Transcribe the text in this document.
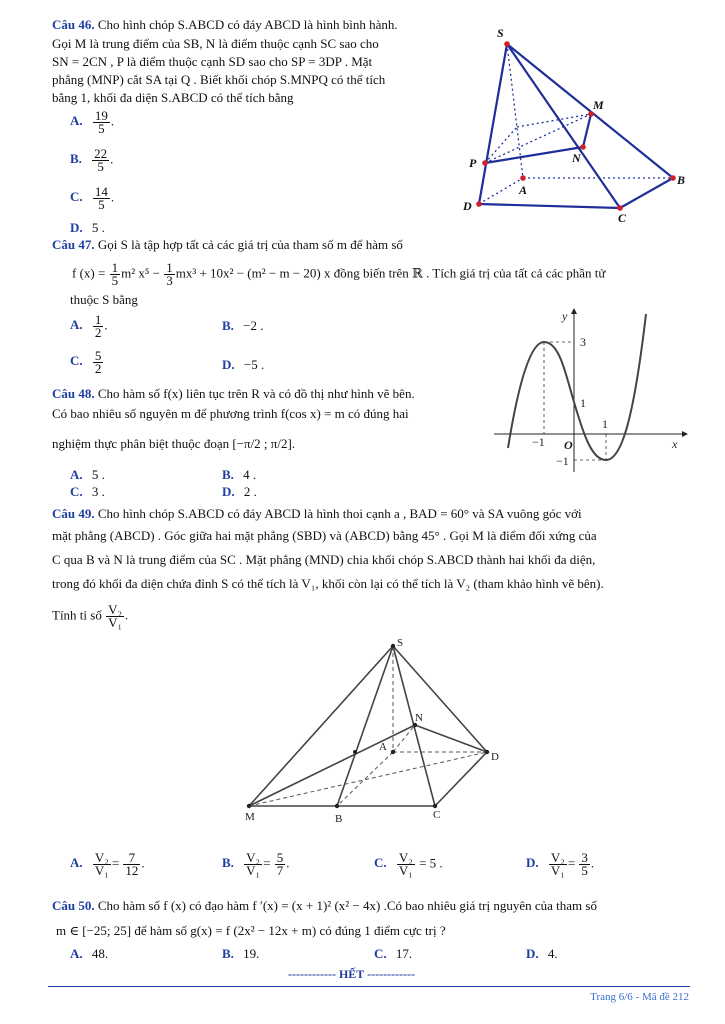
Câu 46. Cho hình chóp S.ABCD có đáy ABCD là hình bình hành.
Gọi M là trung điểm của SB, N là điểm thuộc cạnh SC sao cho
SN = 2CN , P là điểm thuộc cạnh SD sao cho SP = 3DP . Mặt
phẳng (MNP) cắt SA tại Q . Biết khối chóp S.MNPQ có thể tích
bằng 1, khối đa diện S.ABCD có thể tích bằng
A. $\frac{19}{5}$ .
B. $\frac{22}{5}$ .
C. $\frac{14}{5}$ .
D. 5 .
S
M
N
P
A
B
C
D
Câu 47. Gọi S là tập hợp tất cả các giá trị của tham số m để hàm số
f $(x) = \frac{1}{5} m^2$ $x^5 - \frac{1}{3} mx^3 + 10x^2 - (m^2 - m - 20)$ x đồng biến trên ℝ . Tích giá trị của tất cả các phần tử
thuộc S bằng
A. $\frac{1}{2}$ .	B. −2 .
C. $\frac{5}{2}$	D. −5 .
y
x
O
3
1
−1
−1
1
Câu 48. Cho hàm số f(x) liên tục trên R và có đồ thị như hình vẽ bên.
Có bao nhiêu số nguyên m để phương trình f(cos x) = m có đúng hai
nghiệm thực phân biệt thuộc đoạn [−π/2 ; π/2].
A. 5 .	B. 4 .
C. 3 .	D. 2 .
Câu 49. Cho hình chóp S.ABCD có đáy ABCD là hình thoi cạnh a , BAD = 60° và SA vuông góc với
mặt phẳng (ABCD) . Góc giữa hai mặt phẳng (SBD) và (ABCD) bằng 45° . Gọi M là điểm đối xứng của
C qua B và N là trung điểm của SC . Mặt phẳng (MND) chia khối chóp S.ABCD thành hai khối đa diện,
trong đó khối đa diện chứa đỉnh S có thể tích là V₁, khối còn lại có thể tích là V₂ (tham khảo hình vẽ bên).
Tính tỉ số $\frac{\text{V₂}}{\text{V₁}}$ .
S
N
A
D
M	B	C
A. $\frac{\text{V₂}}{\text{V₁}} = \frac{7}{12}$ .	B. $\frac{\text{V₂}}{\text{V₁}} = \frac{5}{7}$ .	C. $\frac{\text{V₂}}{\text{V₁}} = 5$ .	D. $\frac{\text{V₂}}{\text{V₁}} = \frac{3}{5}$ .
Câu 50. Cho hàm số f (x) có đạo hàm f ′(x) = (x + 1)² (x² − 4x) .Có bao nhiêu giá trị nguyên của tham số
m ∈ [−25; 25] để hàm số g(x) = f (2x² − 12x + m) có đúng 1 điểm cực trị ?
A. 48.	B. 19.	C. 17.	D. 4.
------------ HẾT ------------
Trang 6/6 - Mã đề 212
